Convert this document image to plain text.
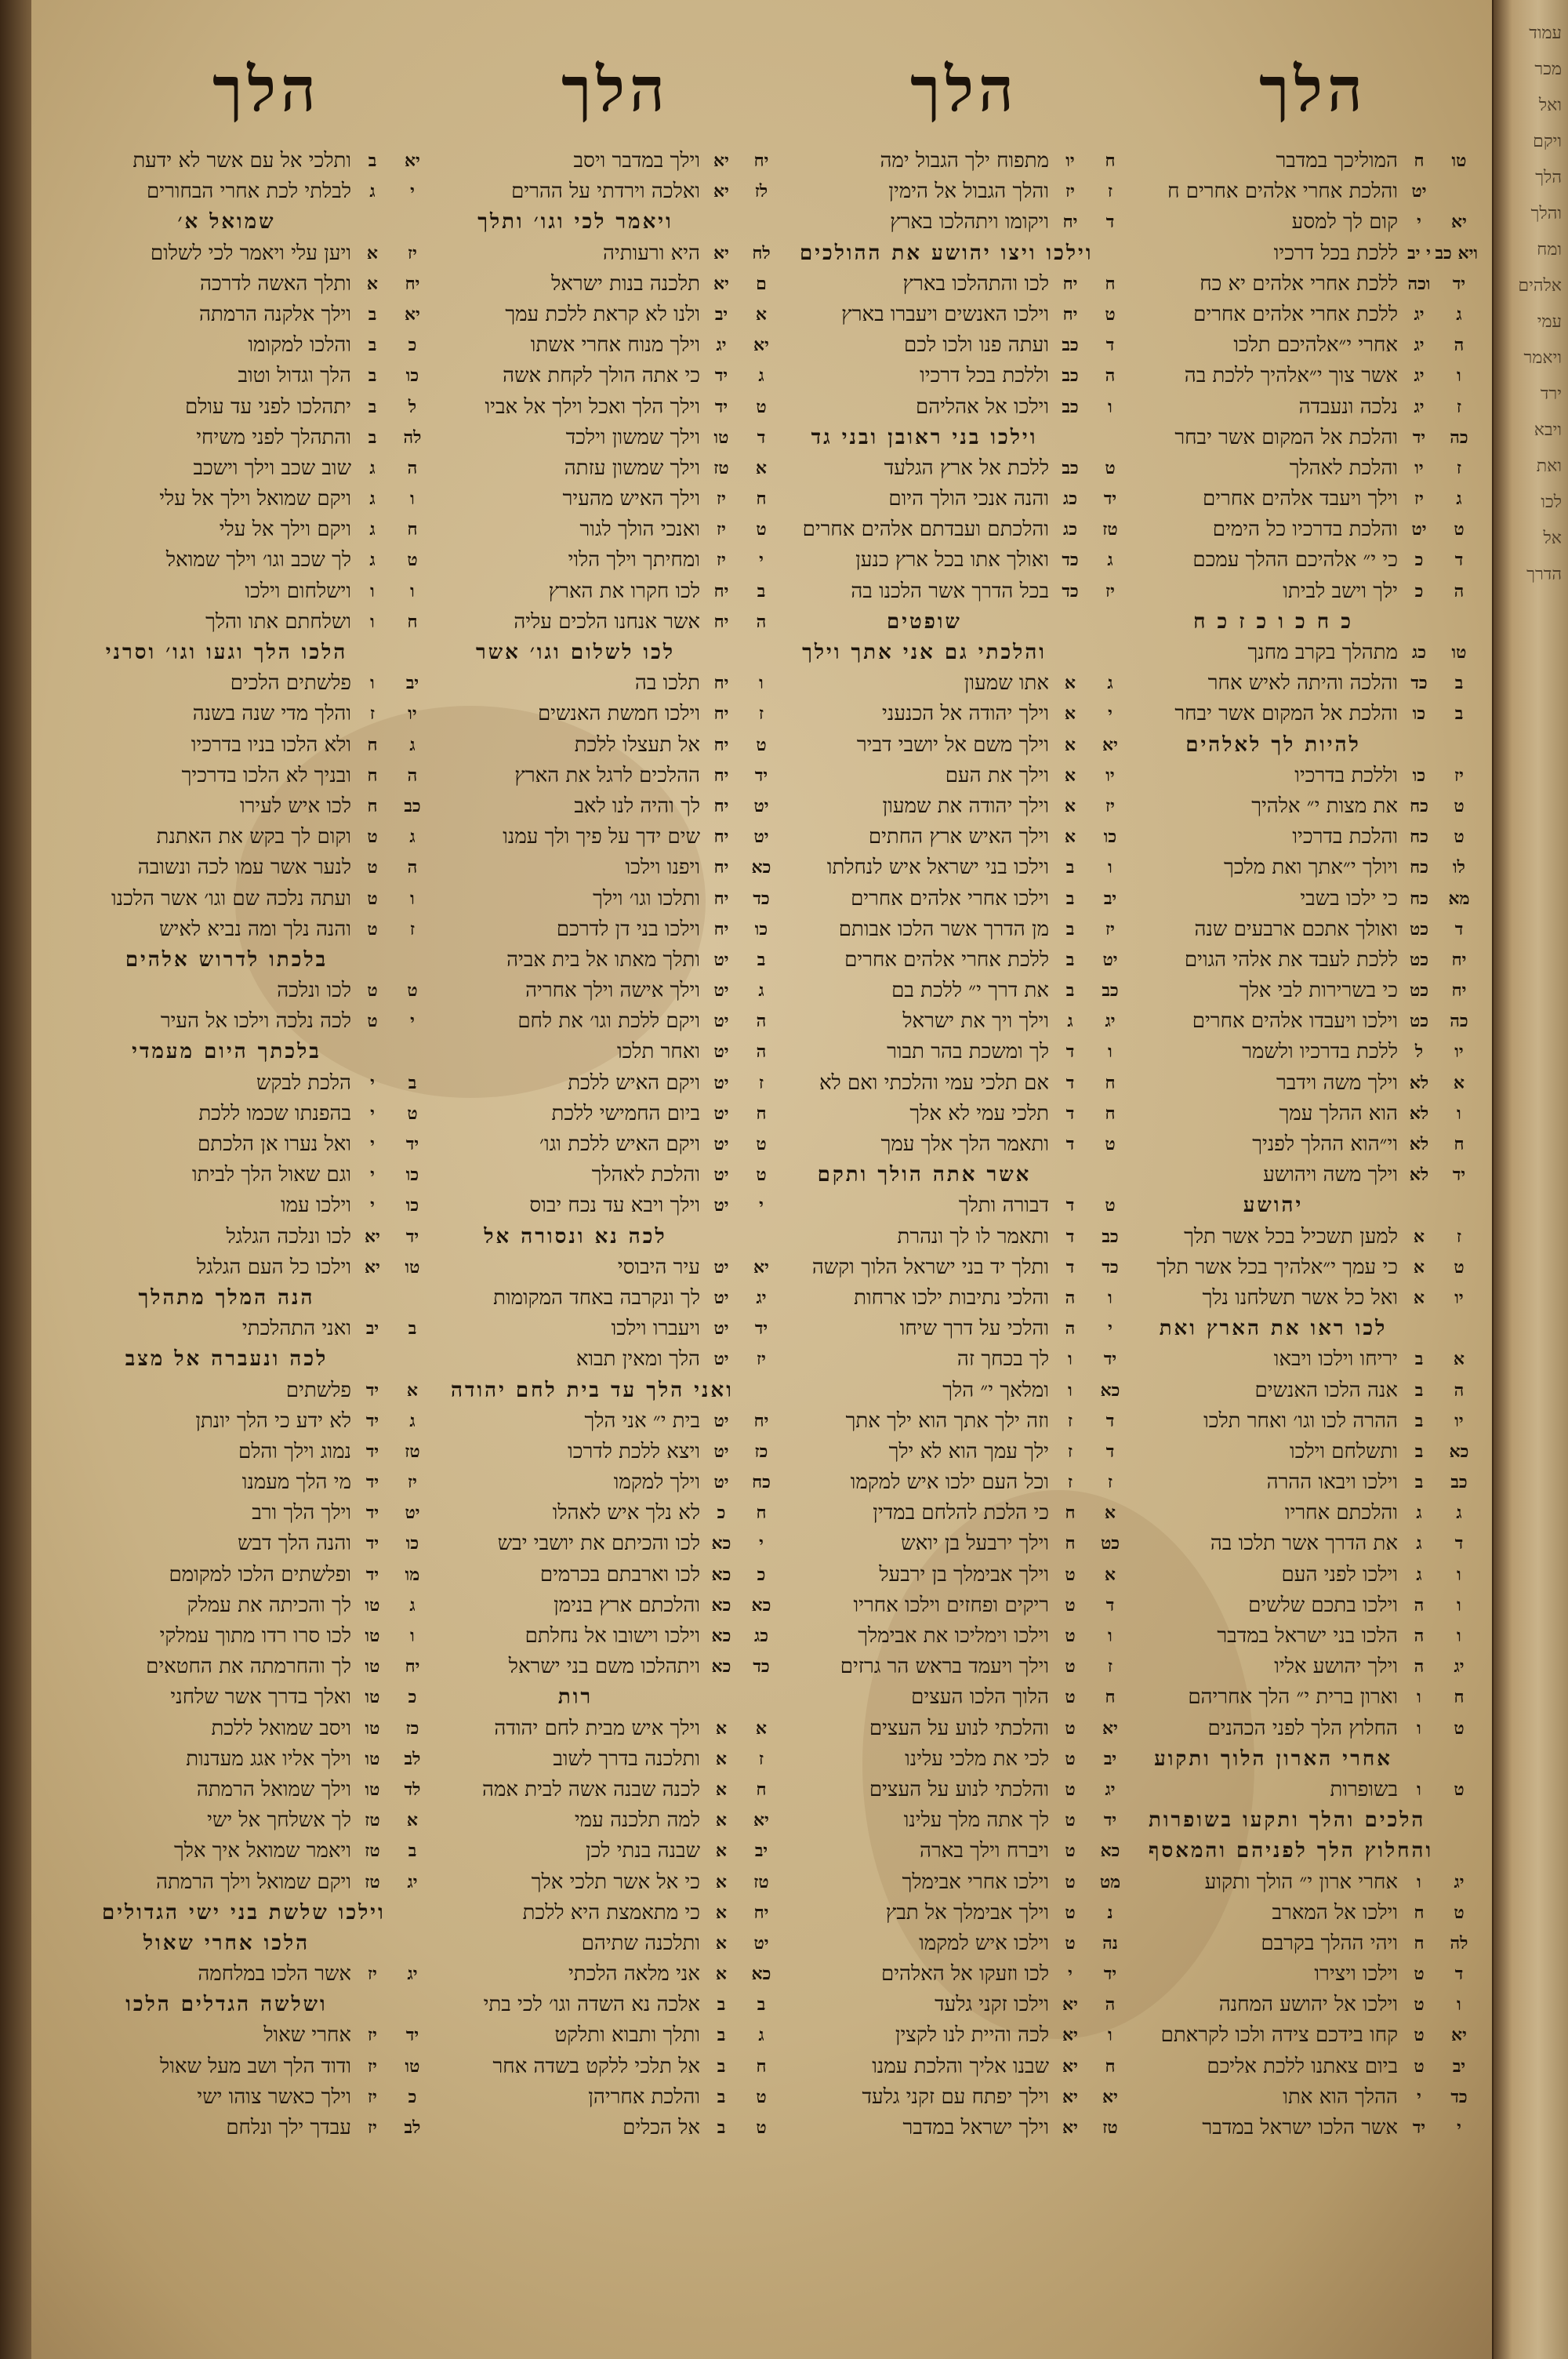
עמוד
מכר
ואל
ויקם
הלך
והלך
ומח
אלהים
עמי
ויאמר
ירד
ויבא
ואת
לכו
אל
הדרך
הלך
טו
ח
המוליכך במדבר
יט
והלכת אחרי אלהים אחרים ח
יא
י
קום לך למסע
ויא כב
י יב
ללכת בכל דרכיו
יד
וכה
ללכת אחרי אלהים יא כח
ג
יג
ללכת אחרי אלהים אחרים
ה
יג
אחרי י״אלהיכם תלכו
ו
יג
אשר צוך י״אלהיך ללכת בה
ז
יג
נלכה ונעבדה
כה
יד
והלכת אל המקום אשר יבחר
ז
יו
והלכת לאהלך
ג
יז
וילך ויעבד אלהים אחרים
ט
יט
והלכת בדרכיו כל הימים
ד
כ
כי י״ אלהיכם ההלך עמכם
ה
כ
ילך וישב לביתו
כ ח כ ו כ ז כ ח
טו
כג
מתהלך בקרב מחנך
ב
כד
והלכה והיתה לאיש אחר
ב
כו
והלכת אל המקום אשר יבחר
להיות לך לאלהים
יז
כו
וללכת בדרכיו
ט
כח
את מצות י״ אלהיך
ט
כח
והלכת בדרכיו
לו
כח
ויולך י״אתך ואת מלכך
מא
כח
כי ילכו בשבי
ד
כט
ואולך אתכם ארבעים שנה
יח
כט
ללכת לעבד את אלהי הגוים
יח
כט
כי בשרירות לבי אלך
כה
כט
וילכו ויעבדו אלהים אחרים
יו
ל
ללכת בדרכיו ולשמר
א
לא
וילך משה וידבר
ו
לא
הוא ההלך עמך
ח
לא
וי״הוא ההלך לפניך
יד
לא
וילך משה ויהושע
יהושע
ז
א
למען תשכיל בכל אשר תלך
ט
א
כי עמך י״אלהיך בכל אשר תלך
יו
א
ואל כל אשר תשלחנו נלך
לכו ראו את הארץ ואת
א
ב
יריחו וילכו ויבאו
ה
ב
אנה הלכו האנשים
יו
ב
ההרה לכו וגו׳ ואחר תלכו
כא
ב
ותשלחם וילכו
כב
ב
וילכו ויבאו ההרה
ג
ג
והלכתם אחריו
ד
ג
את הדרך אשר תלכו בה
ו
ג
וילכו לפני העם
ו
ה
וילכו בתכם שלשים
ו
ה
הלכו בני ישראל במדבר
יג
ה
וילך יהושע אליו
ח
ו
וארון ברית י״ הלך אחריהם
ט
ו
החלוץ הלך לפני הכהנים
אחרי הארון הלוך ותקוע
ט
ו
בשופרות
הלכים והלך ותקעו בשופרות
והחלוץ הלך לפניהם והמאסף
יג
ו
אחרי ארון י״ הולך ותקוע
ט
ח
וילכו אל המארב
לה
ח
ויהי ההלך בקרבם
ד
ט
וילכו ויצירו
ו
ט
וילכו אל יהושע המחנה
יא
ט
קחו בידכם צידה ולכו לקראתם
יב
ט
ביום צאתנו ללכת אליכם
כד
י
ההלך הוא אתו
י
יד
אשר הלכו ישראל במדבר
הלך
ח
יו
מתפוח ילך הגבול ימה
ז
יז
והלך הגבול אל הימין
ד
יח
ויקומו ויתהלכו בארץ
וילכו ויצו יהושע את ההולכים
ח
יח
לכו והתהלכו בארץ
ט
יח
וילכו האנשים ויעברו בארץ
ד
כב
ועתה פנו ולכו לכם
ה
כב
וללכת בכל דרכיו
ו
כב
וילכו אל אהליהם
וילכו בני ראובן ובני גד
ט
כב
ללכת אל ארץ הגלעד
יד
כג
והנה אנכי הולך היום
טז
כג
והלכתם ועבדתם אלהים אחרים
ג
כד
ואולך אתו בכל ארץ כנען
יז
כד
בכל הדרך אשר הלכנו בה
שופטים
והלכתי גם אני אתך וילך
ג
א
אתו שמעון
י
א
וילך יהודה אל הכנעני
יא
א
וילך משם אל יושבי דביר
יו
א
וילך את העם
יז
א
וילך יהודה את שמעון
כו
א
וילך האיש ארץ החתים
ו
ב
וילכו בני ישראל איש לנחלתו
יב
ב
וילכו אחרי אלהים אחרים
יז
ב
מן הדרך אשר הלכו אבותם
יט
ב
ללכת אחרי אלהים אחרים
כב
ב
את דרך י״ ללכת בם
יג
ג
וילך ויך את ישראל
ו
ד
לך ומשכת בהר תבור
ח
ד
אם תלכי עמי והלכתי ואם לא
ח
ד
תלכי עמי לא אלך
ט
ד
ותאמר הלך אלך עמך
אשר אתה הולך ותקם
ט
ד
דבורה ותלך
כב
ד
ותאמר לו לך ונהרת
כד
ד
ותלך יד בני ישראל הלוך וקשה
ו
ה
והלכי נתיבות ילכו ארחות
י
ה
והלכי על דרך שיחו
יד
ו
לך בכחך זה
כא
ו
ומלאך י״ הלך
ד
ז
וזה ילך אתך הוא ילך אתך
ד
ז
ילך עמך הוא לא ילך
ז
ז
וכל העם ילכו איש למקמו
א
ח
כי הלכת להלחם במדין
כט
ח
וילך ירבעל בן יואש
א
ט
וילך אבימלך בן ירבעל
ד
ט
ריקים ופחזים וילכו אחריו
ו
ט
וילכו וימליכו את אבימלך
ז
ט
וילך ויעמד בראש הר גרזים
ח
ט
הלוך הלכו העצים
יא
ט
והלכתי לנוע על העצים
יב
ט
לכי את מלכי עלינו
יג
ט
והלכתי לנוע על העצים
יד
ט
לך אתה מלך עלינו
כא
ט
ויברח וילך בארה
מט
ט
וילכו אחרי אבימלך
נ
ט
וילך אבימלך אל תבץ
נה
ט
וילכו איש למקמו
יד
י
לכו וזעקו אל האלהים
ה
יא
וילכו זקני גלעד
ו
יא
לכה והיית לנו לקצין
ח
יא
שבנו אליך והלכת עמנו
יא
יא
וילך יפתח עם זקני גלעד
טז
יא
וילך ישראל במדבר
הלך
יח
יא
וילך במדבר ויסב
לז
יא
ואלכה וירדתי על ההרים
ויאמר לכי וגו׳ ותלך
לח
יא
היא ורעותיה
ם
יא
תלכנה בנות ישראל
א
יב
ולנו לא קראת ללכת עמך
יא
יג
וילך מנוח אחרי אשתו
ג
יד
כי אתה הולך לקחת אשה
ט
יד
וילך הלך ואכל וילך אל אביו
ד
טו
וילך שמשון וילכד
א
טז
וילך שמשון עזתה
ח
יז
וילך האיש מהעיר
ט
יז
ואנכי הולך לגור
י
יז
ומחיתך וילך הלוי
ב
יח
לכו חקרו את הארץ
ה
יח
אשר אנחנו הלכים עליה
לכו לשלום וגו׳ אשר
ו
יח
תלכו בה
ז
יח
וילכו חמשת האנשים
ט
יח
אל תעצלו ללכת
יד
יח
ההלכים לרגל את הארץ
יט
יח
לך והיה לנו לאב
יט
יח
שים ידך על פיך ולך עמנו
כא
יח
ויפנו וילכו
כד
יח
ותלכו וגו׳ וילך
כו
יח
וילכו בני דן לדרכם
ב
יט
ותלך מאתו אל בית אביה
ג
יט
וילך אישה וילך אחריה
ה
יט
ויקם ללכת וגו׳ את לחם
ה
יט
ואחר תלכו
ז
יט
ויקם האיש ללכת
ח
יט
ביום החמישי ללכת
ט
יט
ויקם האיש ללכת וגו׳
ט
יט
והלכת לאהלך
י
יט
וילך ויבא עד נכח יבוס
לכה נא ונסורה אל
יא
יט
עיר היבוסי
יג
יט
לך ונקרבה באחד המקומות
יד
יט
ויעברו וילכו
יז
יט
הלך ומאין תבוא
ואני הלך עד בית לחם יהודה
יח
יט
בית י״ אני הלך
כז
יט
ויצא ללכת לדרכו
כח
יט
וילך למקמו
ח
כ
לא נלך איש לאהלו
י
כא
לכו והכיתם את יושבי יבש
כ
כא
לכו וארבתם בכרמים
כא
כא
והלכתם ארץ בנימן
כג
כא
וילכו וישובו אל נחלתם
כד
כא
ויתהלכו משם בני ישראל
רות
א
א
וילך איש מבית לחם יהודה
ז
א
ותלכנה בדרך לשוב
ח
א
לכנה שבנה אשה לבית אמה
יא
א
למה תלכנה עמי
יב
א
שבנה בנתי לכן
טז
א
כי אל אשר תלכי אלך
יח
א
כי מתאמצת היא ללכת
יט
א
ותלכנה שתיהם
כא
א
אני מלאה הלכתי
ב
ב
אלכה נא השדה וגו׳ לכי בתי
ג
ב
ותלך ותבוא ותלקט
ח
ב
אל תלכי ללקט בשדה אחר
ט
ב
והלכת אחריהן
ט
ב
אל הכלים
הלך
יא
ב
ותלכי אל עם אשר לא ידעת
י
ג
לבלתי לכת אחרי הבחורים
שמואל א׳
יז
א
ויען עלי ויאמר לכי לשלום
יח
א
ותלך האשה לדרכה
יא
ב
וילך אלקנה הרמתה
כ
ב
והלכו למקומו
כו
ב
הלך וגדול וטוב
ל
ב
יתהלכו לפני עד עולם
לה
ב
והתהלך לפני משיחי
ה
ג
שוב שכב וילך וישכב
ו
ג
ויקם שמואל וילך אל עלי
ח
ג
ויקם וילך אל עלי
ט
ג
לך שכב וגו׳ וילך שמואל
ו
ו
וישלחום וילכו
ח
ו
ושלחתם אתו והלך
הלכו הלך וגעו וגו׳ וסרני
יב
ו
פלשתים הלכים
יו
ז
והלך מדי שנה בשנה
ג
ח
ולא הלכו בניו בדרכיו
ה
ח
ובניך לא הלכו בדרכיך
כב
ח
לכו איש לעירו
ג
ט
וקום לך בקש את האתנת
ה
ט
לנער אשר עמו לכה ונשובה
ו
ט
ועתה נלכה שם וגו׳ אשר הלכנו
ז
ט
והנה נלך ומה נביא לאיש
בלכתו לדרוש אלהים
ט
ט
לכו ונלכה
י
ט
לכה נלכה וילכו אל העיר
בלכתך היום מעמדי
ב
י
הלכת לבקש
ט
י
בהפנתו שכמו ללכת
יד
י
ואל נערו אן הלכתם
כו
י
וגם שאול הלך לביתו
כו
י
וילכו עמו
יד
יא
לכו ונלכה הגלגל
טו
יא
וילכו כל העם הגלגל
הנה המלך מתהלך
ב
יב
ואני התהלכתי
לכה ונעברה אל מצב
א
יד
פלשתים
ג
יד
לא ידע כי הלך יונתן
טז
יד
נמוג וילך והלם
יז
יד
מי הלך מעמנו
יט
יד
וילך הלך ורב
כו
יד
והנה הלך דבש
מו
יד
ופלשתים הלכו למקומם
ג
טו
לך והכיתה את עמלק
ו
טו
לכו סרו רדו מתוך עמלקי
יח
טו
לך והחרמתה את החטאים
כ
טו
ואלך בדרך אשר שלחני
כז
טו
ויסב שמואל ללכת
לב
טו
וילך אליו אגג מעדנות
לד
טו
וילך שמואל הרמתה
א
טז
לך אשלחך אל ישי
ב
טז
ויאמר שמואל איך אלך
יג
טז
ויקם שמואל וילך הרמתה
וילכו שלשת בני ישי הגדולים
הלכו אחרי שאול
יג
יז
אשר הלכו במלחמה
ושלשה הגדלים הלכו
יד
יז
אחרי שאול
טו
יז
ודוד הלך ושב מעל שאול
כ
יז
וילך כאשר צוהו ישי
לב
יז
עבדך ילך ונלחם
